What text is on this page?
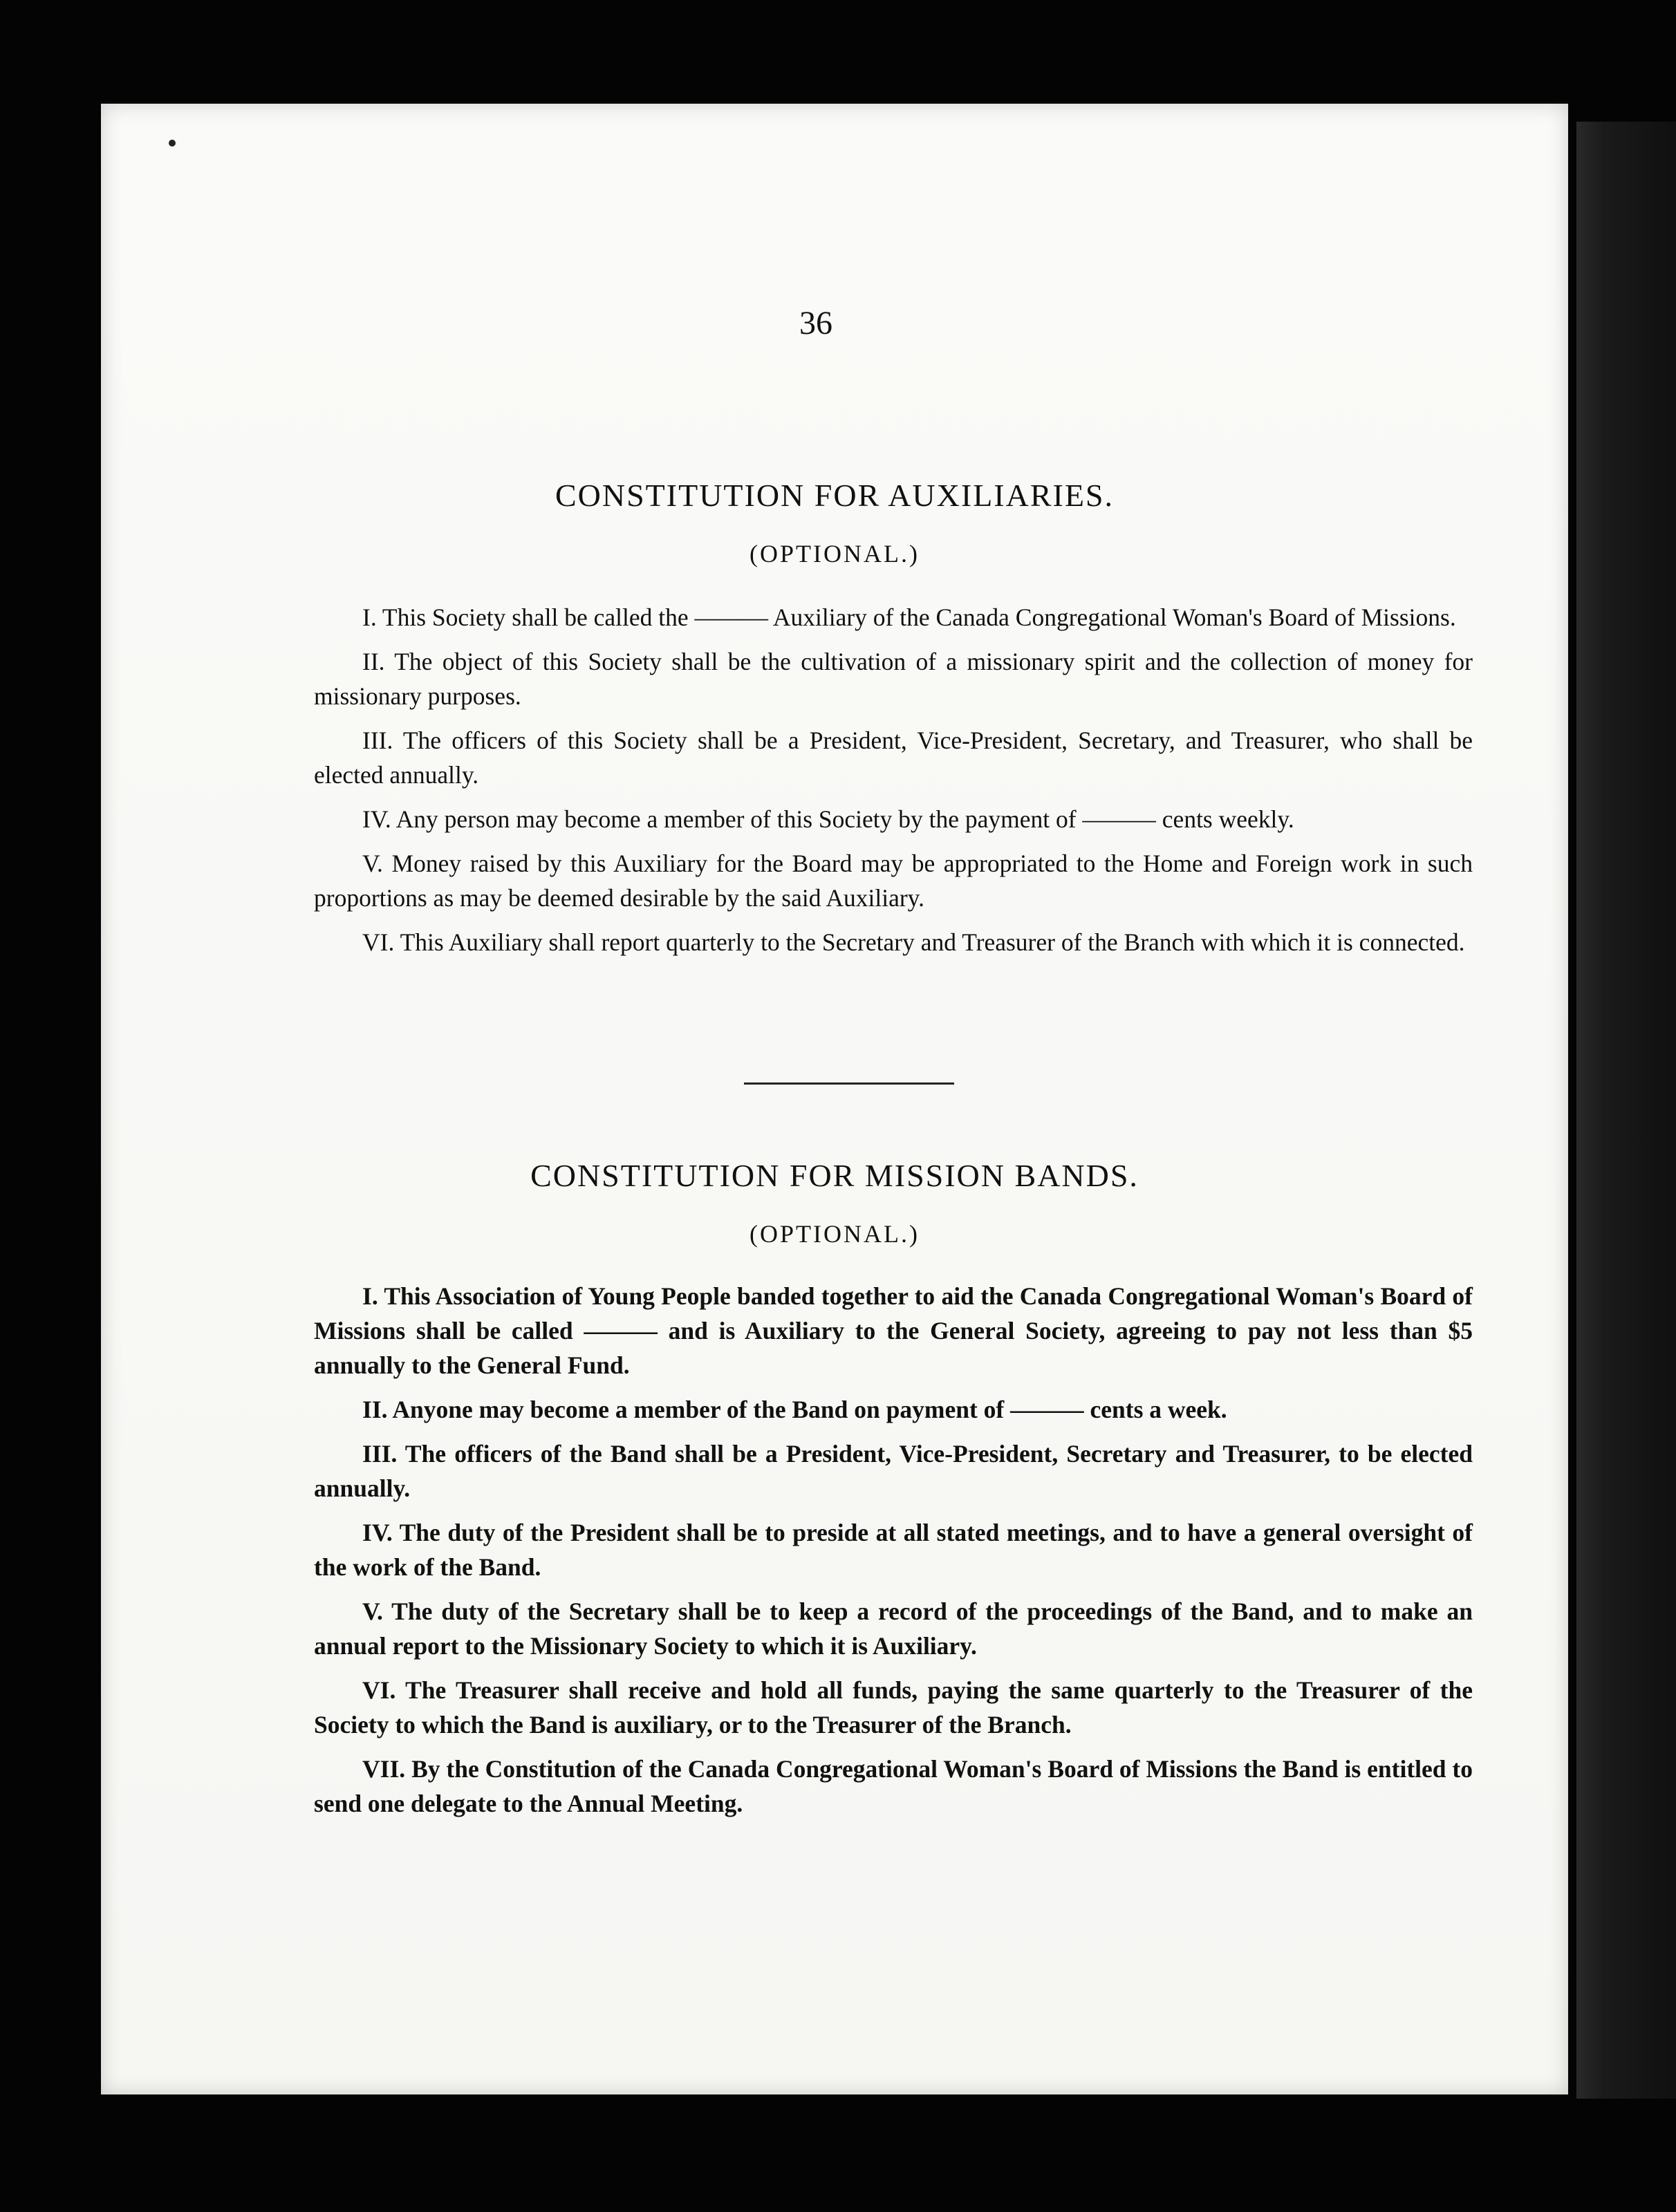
36
CONSTITUTION FOR AUXILIARIES.
(OPTIONAL.)

I. This Society shall be called the ——— Auxiliary of the Canada Congregational Woman's Board of Missions.

II. The object of this Society shall be the cultivation of a missionary spirit and the collection of money for missionary purposes.

III. The officers of this Society shall be a President, Vice-President, Secretary, and Treasurer, who shall be elected annually.

IV. Any person may become a member of this Society by the payment of ——— cents weekly.

V. Money raised by this Auxiliary for the Board may be appropriated to the Home and Foreign work in such proportions as may be deemed desirable by the said Auxiliary.

VI. This Auxiliary shall report quarterly to the Secretary and Treasurer of the Branch with which it is connected.

CONSTITUTION FOR MISSION BANDS.
(OPTIONAL.)

I. This Association of Young People banded together to aid the Canada Congregational Woman's Board of Missions shall be called ——— and is Auxiliary to the General Society, agreeing to pay not less than $5 annually to the General Fund.

II. Anyone may become a member of the Band on payment of ——— cents a week.

III. The officers of the Band shall be a President, Vice-President, Secretary and Treasurer, to be elected annually.

IV. The duty of the President shall be to preside at all stated meetings, and to have a general oversight of the work of the Band.

V. The duty of the Secretary shall be to keep a record of the proceedings of the Band, and to make an annual report to the Missionary Society to which it is Auxiliary.

VI. The Treasurer shall receive and hold all funds, paying the same quarterly to the Treasurer of the Society to which the Band is auxiliary, or to the Treasurer of the Branch.

VII. By the Constitution of the Canada Congregational Woman's Board of Missions the Band is entitled to send one delegate to the Annual Meeting.
